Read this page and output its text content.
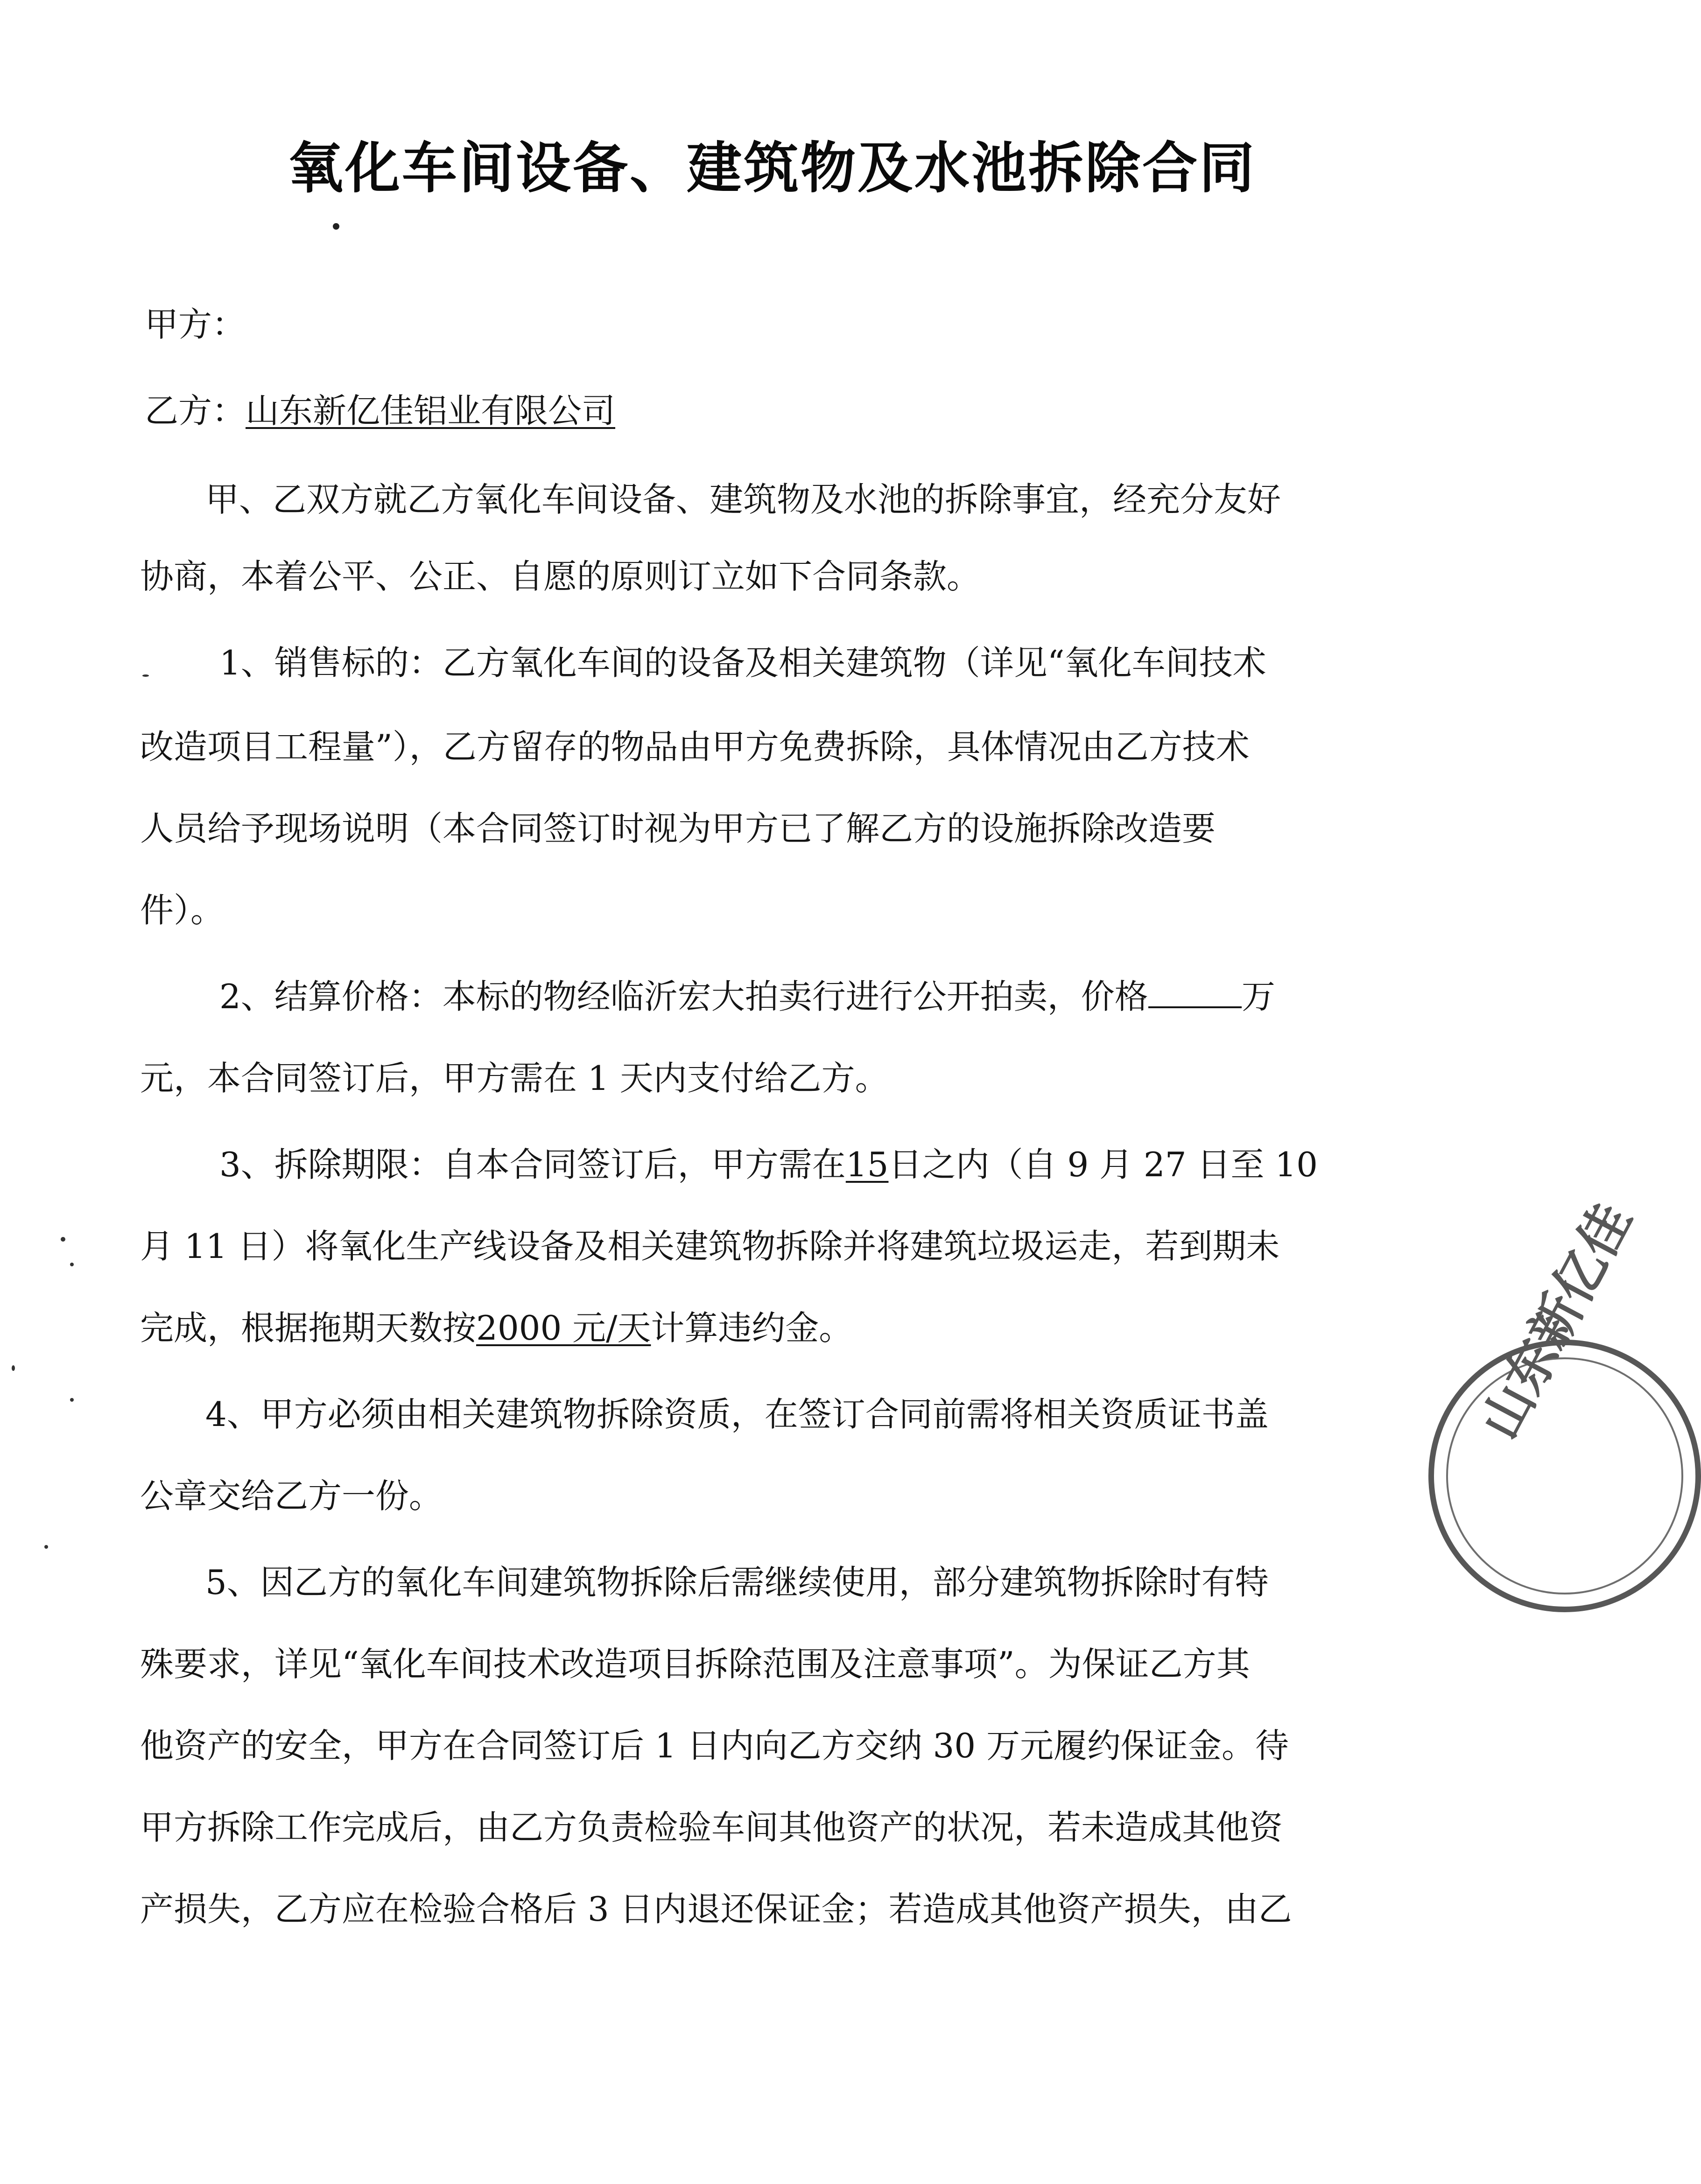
氧化车间设备、建筑物及水池拆除合同
甲方：
乙方：山东新亿佳铝业有限公司
甲、乙双方就乙方氧化车间设备、建筑物及水池的拆除事宜，经充分友好
协商，本着公平、公正、自愿的原则订立如下合同条款。
1、销售标的：乙方氧化车间的设备及相关建筑物（详见“氧化车间技术
改造项目工程量”），乙方留存的物品由甲方免费拆除，具体情况由乙方技术
人员给予现场说明（本合同签订时视为甲方已了解乙方的设施拆除改造要
件）。
2、结算价格：本标的物经临沂宏大拍卖行进行公开拍卖，价格	万
元，本合同签订后，甲方需在 1 天内支付给乙方。
3、拆除期限：自本合同签订后，甲方需在15日之内（自 9 月 27 日至 10
月 11 日）将氧化生产线设备及相关建筑物拆除并将建筑垃圾运走，若到期未
完成，根据拖期天数按2000 元/天计算违约金。
4、甲方必须由相关建筑物拆除资质，在签订合同前需将相关资质证书盖
公章交给乙方一份。
5、因乙方的氧化车间建筑物拆除后需继续使用，部分建筑物拆除时有特
殊要求，详见“氧化车间技术改造项目拆除范围及注意事项”。为保证乙方其
他资产的安全，甲方在合同签订后 1 日内向乙方交纳 30 万元履约保证金。待
甲方拆除工作完成后，由乙方负责检验车间其他资产的状况，若未造成其他资
产损失，乙方应在检验合格后 3 日内退还保证金；若造成其他资产损失，由乙
山东新亿佳
